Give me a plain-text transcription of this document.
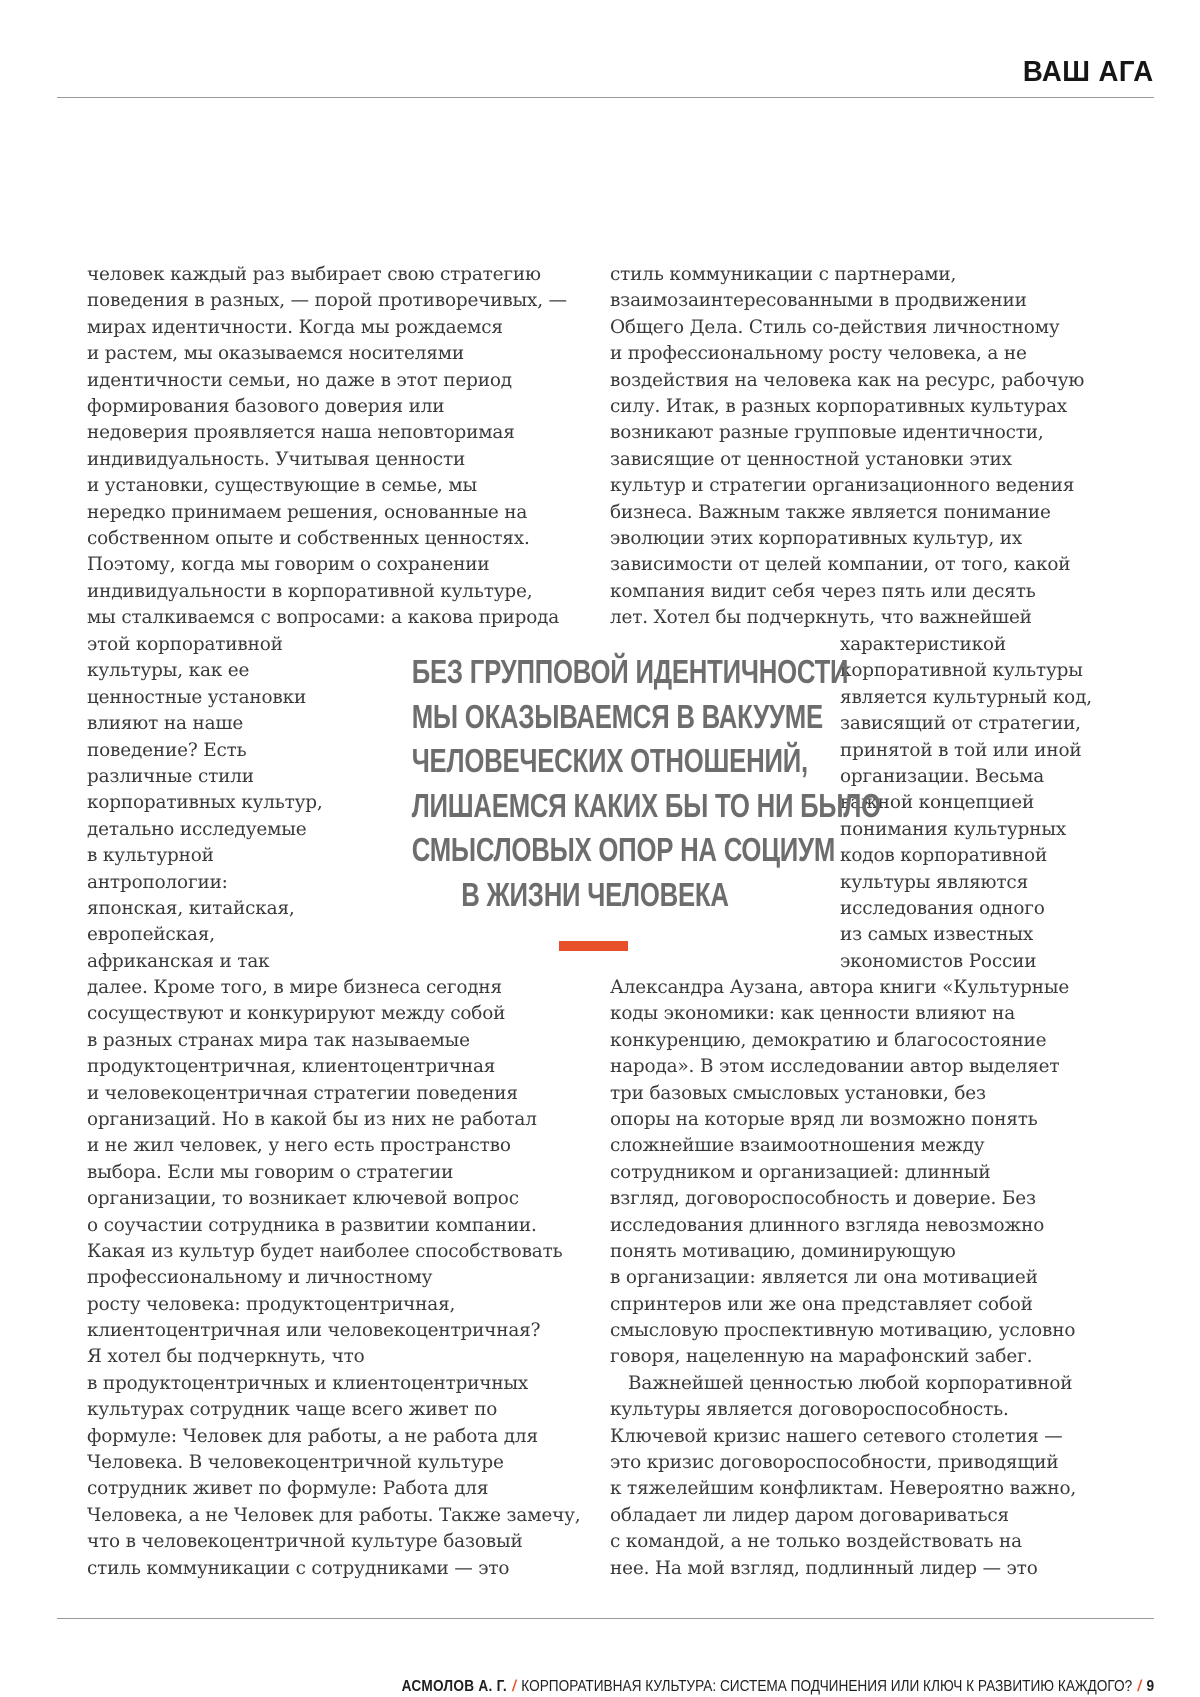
ВАШ АГА
человек каждый раз выбирает свою стратегию
поведения в разных, — порой противоречивых, —
мирах идентичности. Когда мы рождаемся
и растем, мы оказываемся носителями
идентичности семьи, но даже в этот период
формирования базового доверия или
недоверия проявляется наша неповторимая
индивидуальность. Учитывая ценности
и установки, существующие в семье, мы
нередко принимаем решения, основанные на
собственном опыте и собственных ценностях.
Поэтому, когда мы говорим о сохранении
индивидуальности в корпоративной культуре,
мы сталкиваемся с вопросами: а какова природа
этой корпоративной
культуры, как ее
ценностные установки
влияют на наше
поведение? Есть
различные стили
корпоративных культур,
детально исследуемые
в культурной
антропологии:
японская, китайская,
европейская,
африканская и так
далее. Кроме того, в мире бизнеса сегодня
сосуществуют и конкурируют между собой
в разных странах мира так называемые
продуктоцентричная, клиентоцентричная
и человекоцентричная стратегии поведения
организаций. Но в какой бы из них не работал
и не жил человек, у него есть пространство
выбора. Если мы говорим о стратегии
организации, то возникает ключевой вопрос
о соучастии сотрудника в развитии компании.
Какая из культур будет наиболее способствовать
профессиональному и личностному
росту человека: продуктоцентричная,
клиентоцентричная или человекоцентричная?
Я хотел бы подчеркнуть, что
в продуктоцентричных и клиентоцентричных
культурах сотрудник чаще всего живет по
формуле: Человек для работы, а не работа для
Человека. В человекоцентричной культуре
сотрудник живет по формуле: Работа для
Человека, а не Человек для работы. Также замечу,
что в человекоцентричной культуре базовый
стиль коммуникации с сотрудниками — это
стиль коммуникации с партнерами,
взаимозаинтересованными в продвижении
Общего Дела. Стиль со-действия личностному
и профессиональному росту человека, а не
воздействия на человека как на ресурс, рабочую
силу. Итак, в разных корпоративных культурах
возникают разные групповые идентичности,
зависящие от ценностной установки этих
культур и стратегии организационного ведения
бизнеса. Важным также является понимание
эволюции этих корпоративных культур, их
зависимости от целей компании, от того, какой
компания видит себя через пять или десять
лет. Хотел бы подчеркнуть, что важнейшей
характеристикой
корпоративной культуры
является культурный код,
зависящий от стратегии,
принятой в той или иной
организации. Весьма
важной концепцией
понимания культурных
кодов корпоративной
культуры являются
исследования одного
из самых известных
экономистов России
Александра Аузана, автора книги «Культурные
коды экономики: как ценности влияют на
конкуренцию, демократию и благосостояние
народа». В этом исследовании автор выделяет
три базовых смысловых установки, без
опоры на которые вряд ли возможно понять
сложнейшие взаимоотношения между
сотрудником и организацией: длинный
взгляд, договороспособность и доверие. Без
исследования длинного взгляда невозможно
понять мотивацию, доминирующую
в организации: является ли она мотивацией
спринтеров или же она представляет собой
смысловую проспективную мотивацию, условно
говоря, нацеленную на марафонский забег.
Важнейшей ценностью любой корпоративной
культуры является договороспособность.
Ключевой кризис нашего сетевого столетия —
это кризис договороспособности, приводящий
к тяжелейшим конфликтам. Невероятно важно,
обладает ли лидер даром договариваться
с командой, а не только воздействовать на
нее. На мой взгляд, подлинный лидер — это
БЕЗ ГРУППОВОЙ ИДЕНТИЧНОСТИ
МЫ ОКАЗЫВАЕМСЯ В ВАКУУМЕ
ЧЕЛОВЕЧЕСКИХ ОТНОШЕНИЙ,
ЛИШАЕМСЯ КАКИХ БЫ ТО НИ БЫЛО
СМЫСЛОВЫХ ОПОР НА СОЦИУМ
В ЖИЗНИ ЧЕЛОВЕКА
АСМОЛОВ А. Г. / КОРПОРАТИВНАЯ КУЛЬТУРА: СИСТЕМА ПОДЧИНЕНИЯ ИЛИ КЛЮЧ К РАЗВИТИЮ КАЖДОГО? / 9
